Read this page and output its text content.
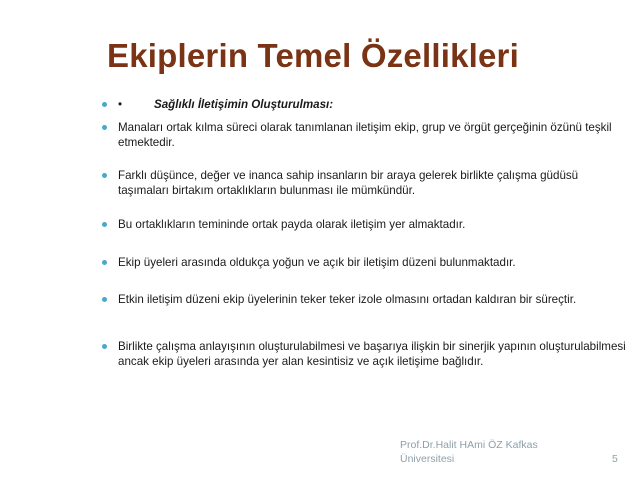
Ekiplerin Temel Özellikleri
•	Sağlıklı İletişimin Oluşturulması:
Manaları ortak kılma süreci olarak tanımlanan iletişim ekip, grup ve örgüt gerçeğinin özünü teşkil etmektedir.
Farklı düşünce, değer ve inanca sahip insanların bir araya gelerek birlikte çalışma güdüsü taşımaları birtakım ortaklıkların bulunması ile mümkündür.
Bu ortaklıkların temininde ortak payda olarak iletişim yer almaktadır.
Ekip üyeleri arasında oldukça yoğun ve açık bir iletişim düzeni bulunmaktadır.
Etkin iletişim düzeni ekip üyelerinin teker teker izole olmasını ortadan kaldıran bir süreçtir.
Birlikte çalışma anlayışının oluşturulabilmesi ve başarıya ilişkin bir sinerjik yapının oluşturulabilmesi ancak ekip üyeleri arasında yer alan kesintisiz ve açık iletişime bağlıdır.
Prof.Dr.Halit HAmi ÖZ Kafkas Üniversitesi	5
